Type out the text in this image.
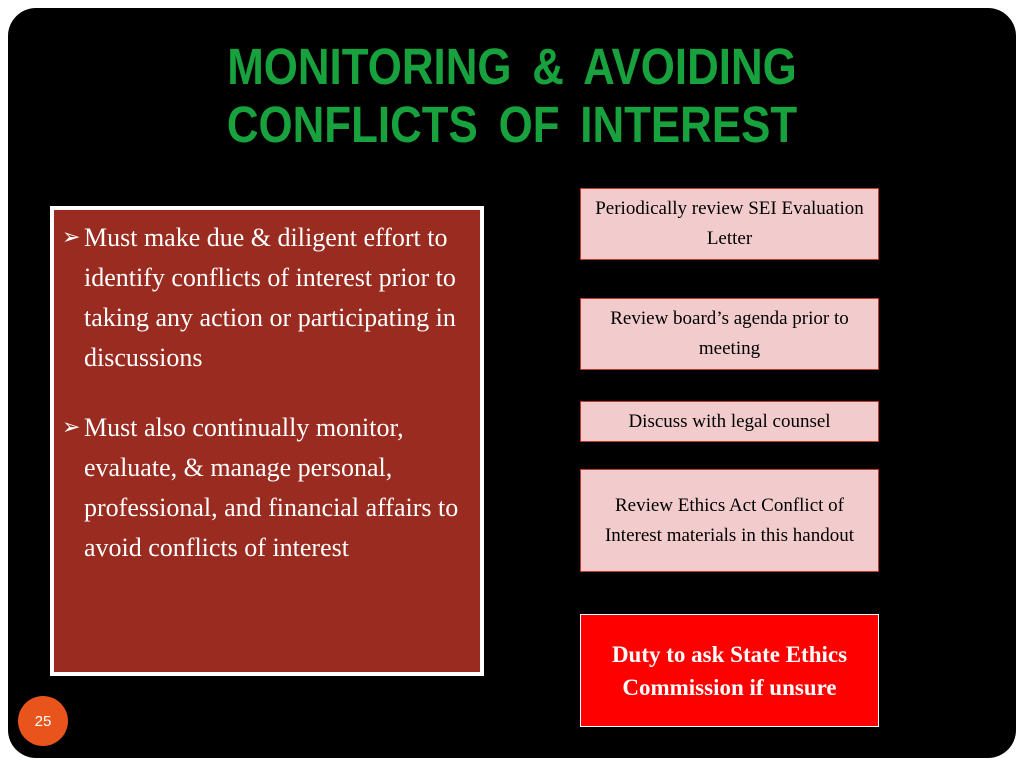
MONITORING & AVOIDING
CONFLICTS OF INTEREST
➢ Must make due & diligent effort to identify conflicts of interest prior to taking any action or participating in discussions
➢ Must also continually monitor, evaluate, & manage personal, professional, and financial affairs to avoid conflicts of interest
Periodically review SEI Evaluation Letter
Review board’s agenda prior to meeting
Discuss with legal counsel
Review Ethics Act Conflict of Interest materials in this handout
Duty to ask State Ethics Commission if unsure
25
